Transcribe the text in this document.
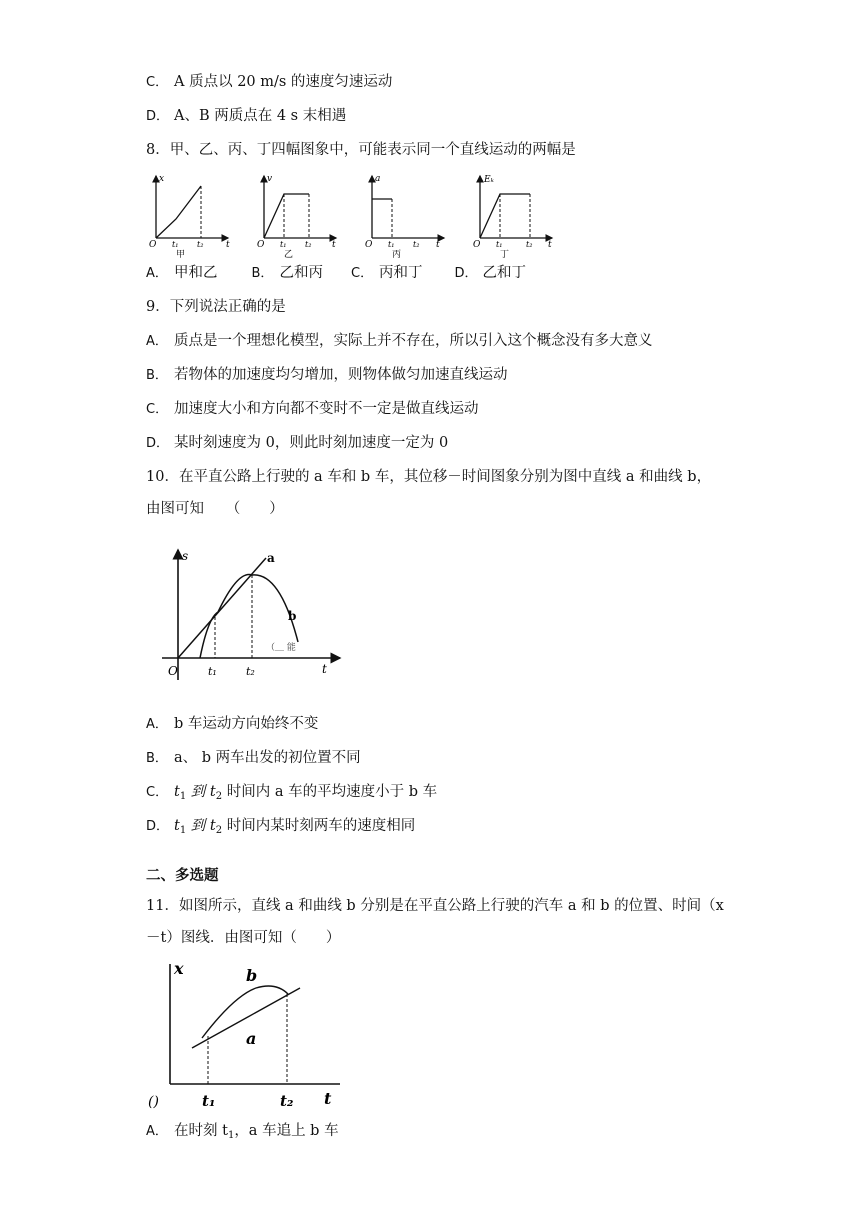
C． A 质点以 20 m/s 的速度匀速运动
D． A、B 两质点在 4 s 末相遇
8．甲、乙、丙、丁四幅图象中，可能表示同一个直线运动的两幅是
x
O t₁ t₂	t
甲
v
O t₁ t₂ t
乙
a
O t₁ t₂ t
丙
Eₖ
O t₁	t₂ t
丁
A． 甲和乙	B． 乙和丙 C． 丙和丁 D． 乙和丁
9．下列说法正确的是
A． 质点是一个理想化模型，实际上并不存在，所以引入这个概念没有多大意义
B． 若物体的加速度均匀增加，则物体做匀加速直线运动
C． 加速度大小和方向都不变时不一定是做直线运动
D． 某时刻速度为 0，则此时刻加速度一定为 0
10．在平直公路上行驶的 a 车和 b 车，其位移－时间图象分别为图中直线 a 和曲线 b，
由图可知　　（　　）
s	a
b
O	t₁	t₂	t
（＿ 能
A． b 车运动方向始终不变
B． a、 b 两车出发的初位置不同
C． $t_1$ 到 $t_2$ 时间内 a 车的平均速度小于 b 车
D． $t_1$ 到 $t_2$ 时间内某时刻两车的速度相同
二、多选题
11．如图所示，直线 a 和曲线 b 分别是在平直公路上行驶的汽车 a 和 b 的位置、时间（x
－t）图线．由图可知（　　）
x	b
a
()	t₁	t₂ t
A． 在时刻 $t_1$，a 车追上 b 车
